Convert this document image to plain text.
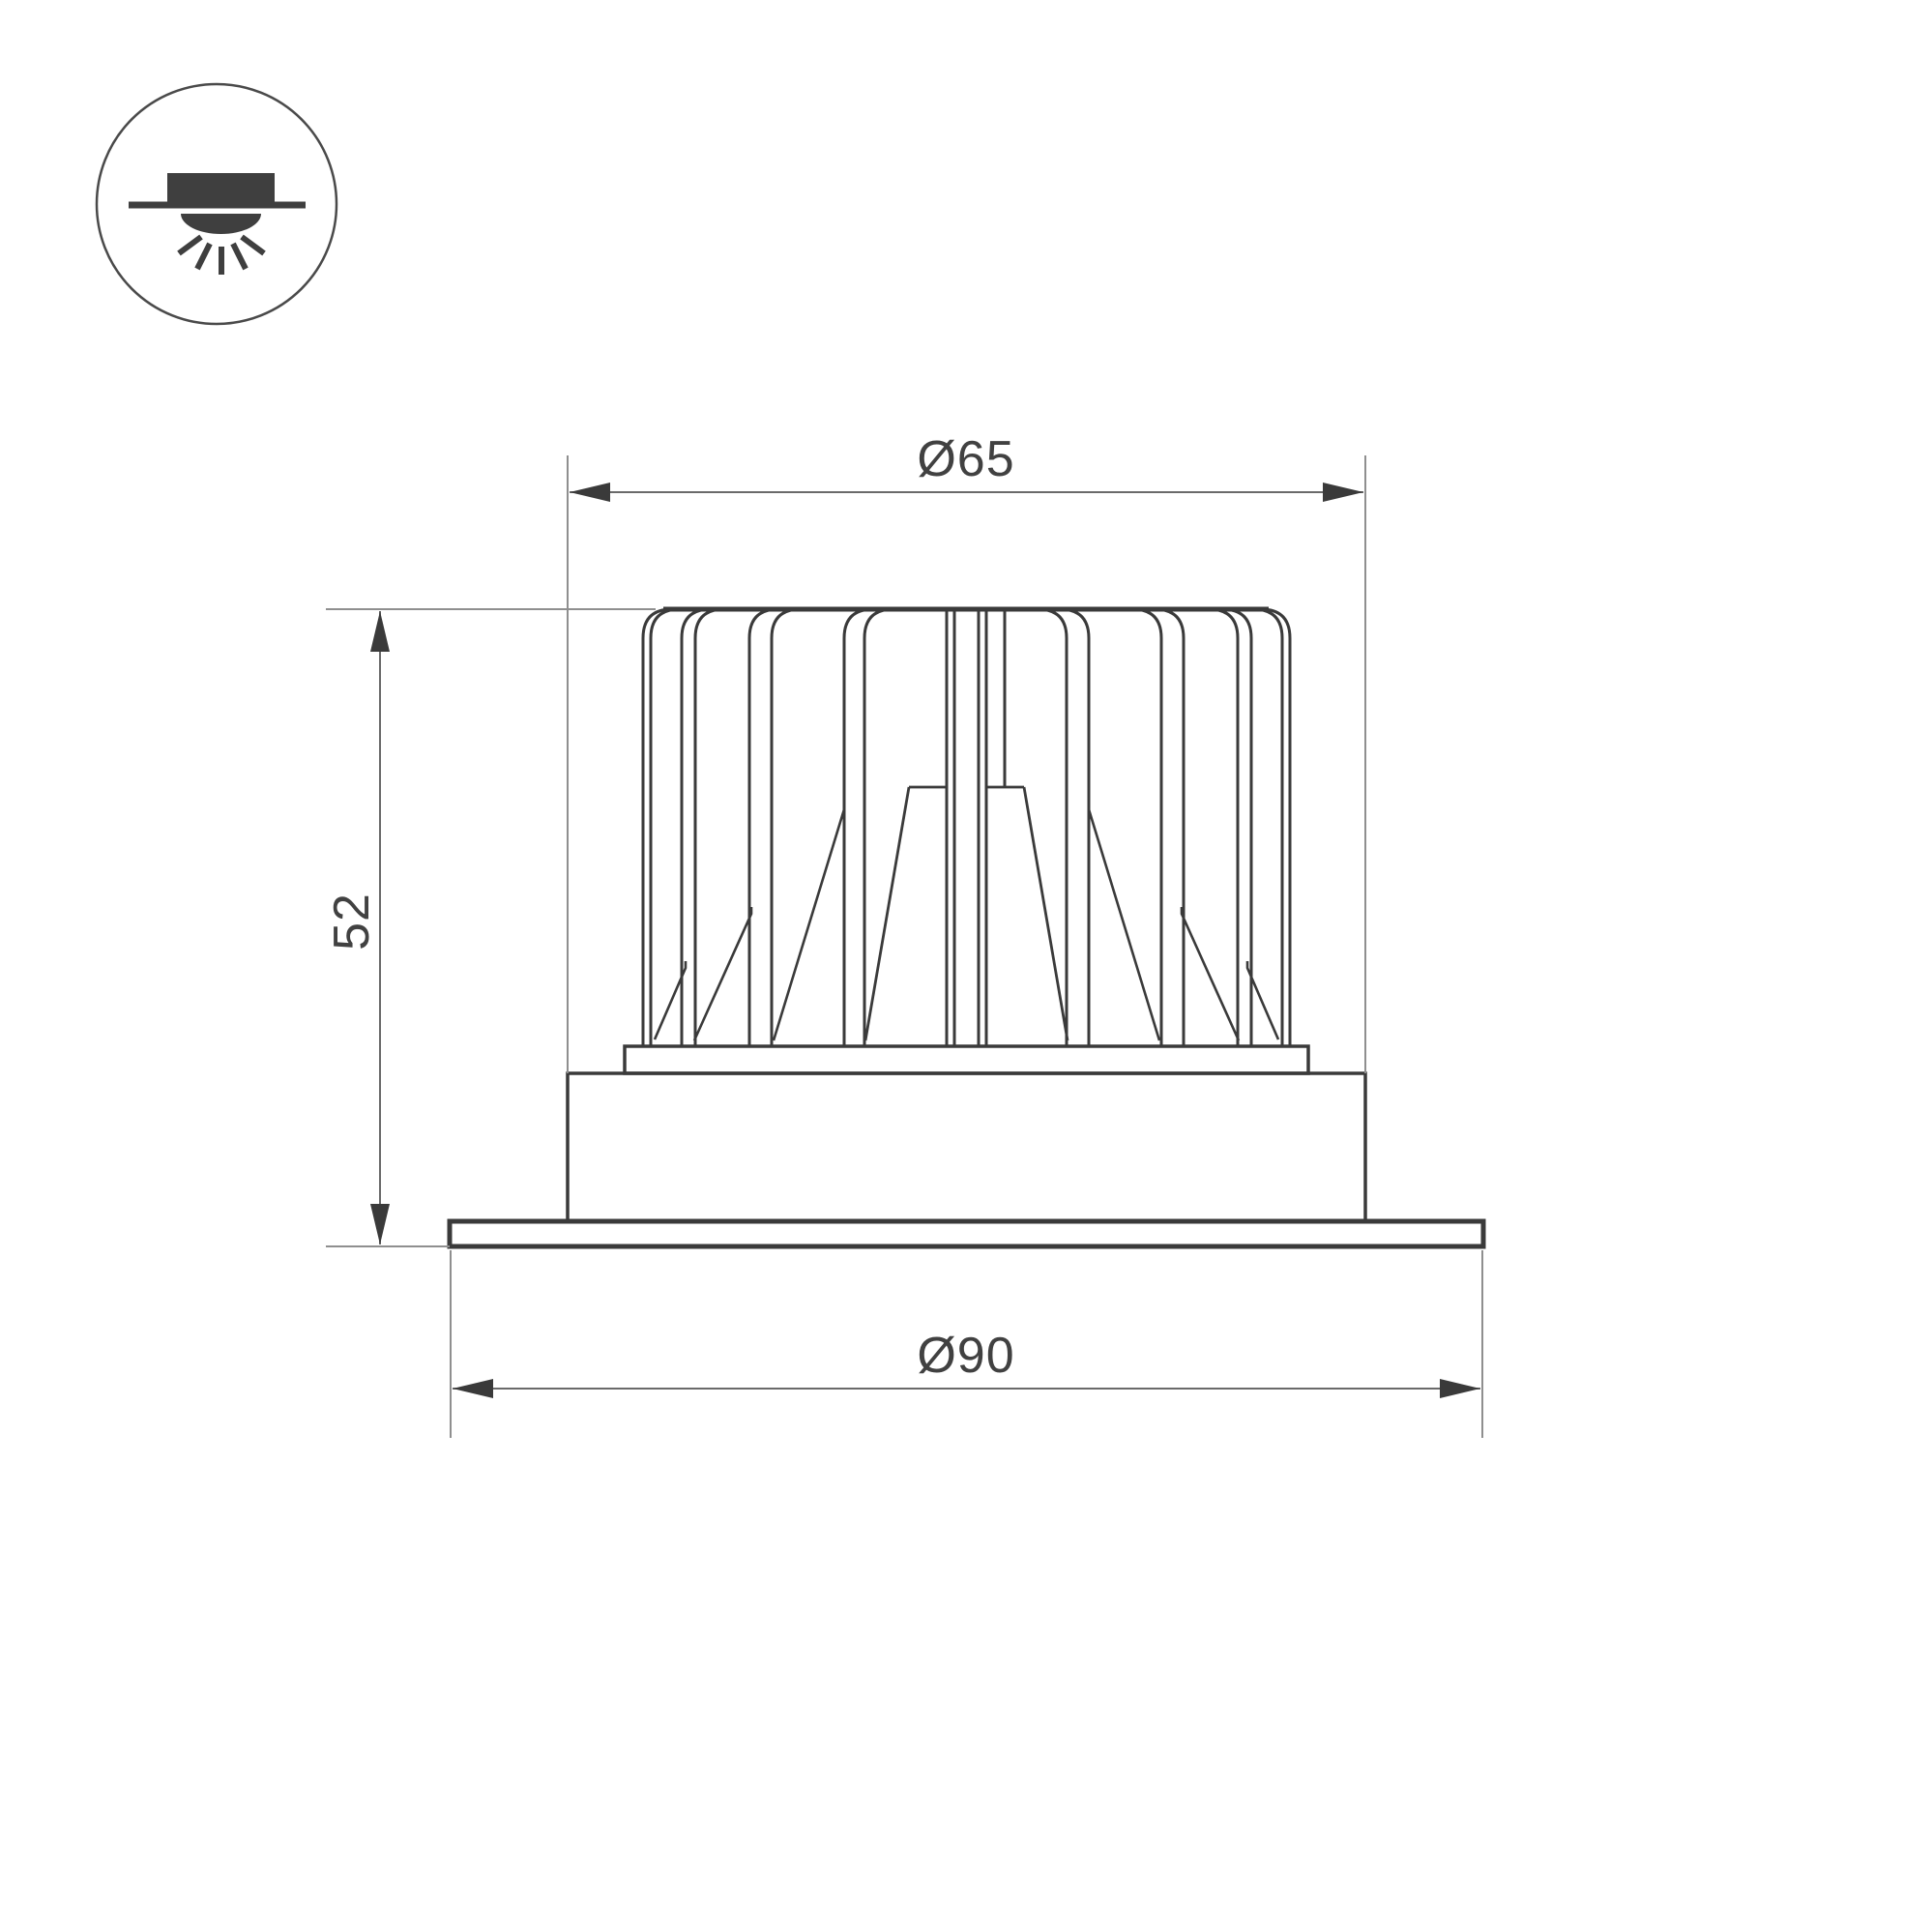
Ø65
52
Ø90
